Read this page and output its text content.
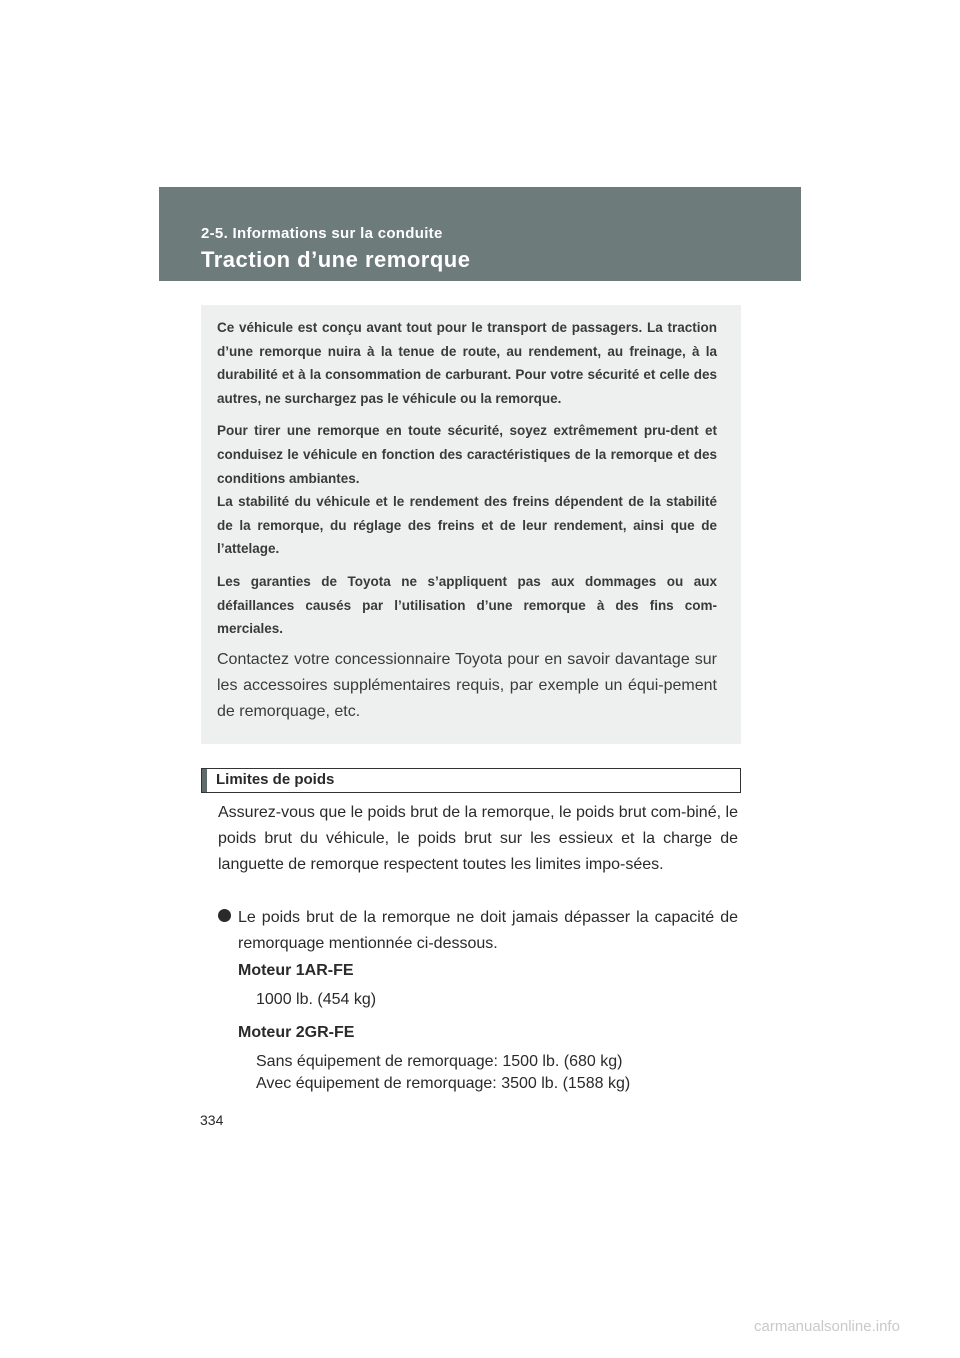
2-5. Informations sur la conduite
Traction d’une remorque

Ce véhicule est conçu avant tout pour le transport de passagers. La traction d’une remorque nuira à la tenue de route, au rendement, au freinage, à la durabilité et à la consommation de carburant. Pour votre sécurité et celle des autres, ne surchargez pas le véhicule ou la remorque.

Pour tirer une remorque en toute sécurité, soyez extrêmement pru-dent et conduisez le véhicule en fonction des caractéristiques de la remorque et des conditions ambiantes.

La stabilité du véhicule et le rendement des freins dépendent de la stabilité de la remorque, du réglage des freins et de leur rendement, ainsi que de l’attelage.

Les garanties de Toyota ne s’appliquent pas aux dommages ou aux défaillances causés par l’utilisation d’une remorque à des fins com-merciales.

Contactez votre concessionnaire Toyota pour en savoir davantage sur les accessoires supplémentaires requis, par exemple un équi-pement de remorquage, etc.

Limites de poids

Assurez-vous que le poids brut de la remorque, le poids brut com-biné, le poids brut du véhicule, le poids brut sur les essieux et la charge de languette de remorque respectent toutes les limites impo-sées.

Le poids brut de la remorque ne doit jamais dépasser la capacité de remorquage mentionnée ci-dessous.

Moteur 1AR-FE
1000 lb. (454 kg)
Moteur 2GR-FE
Sans équipement de remorquage: 1500 lb. (680 kg)
Avec équipement de remorquage: 3500 lb. (1588 kg)
334
carmanualsonline.info
